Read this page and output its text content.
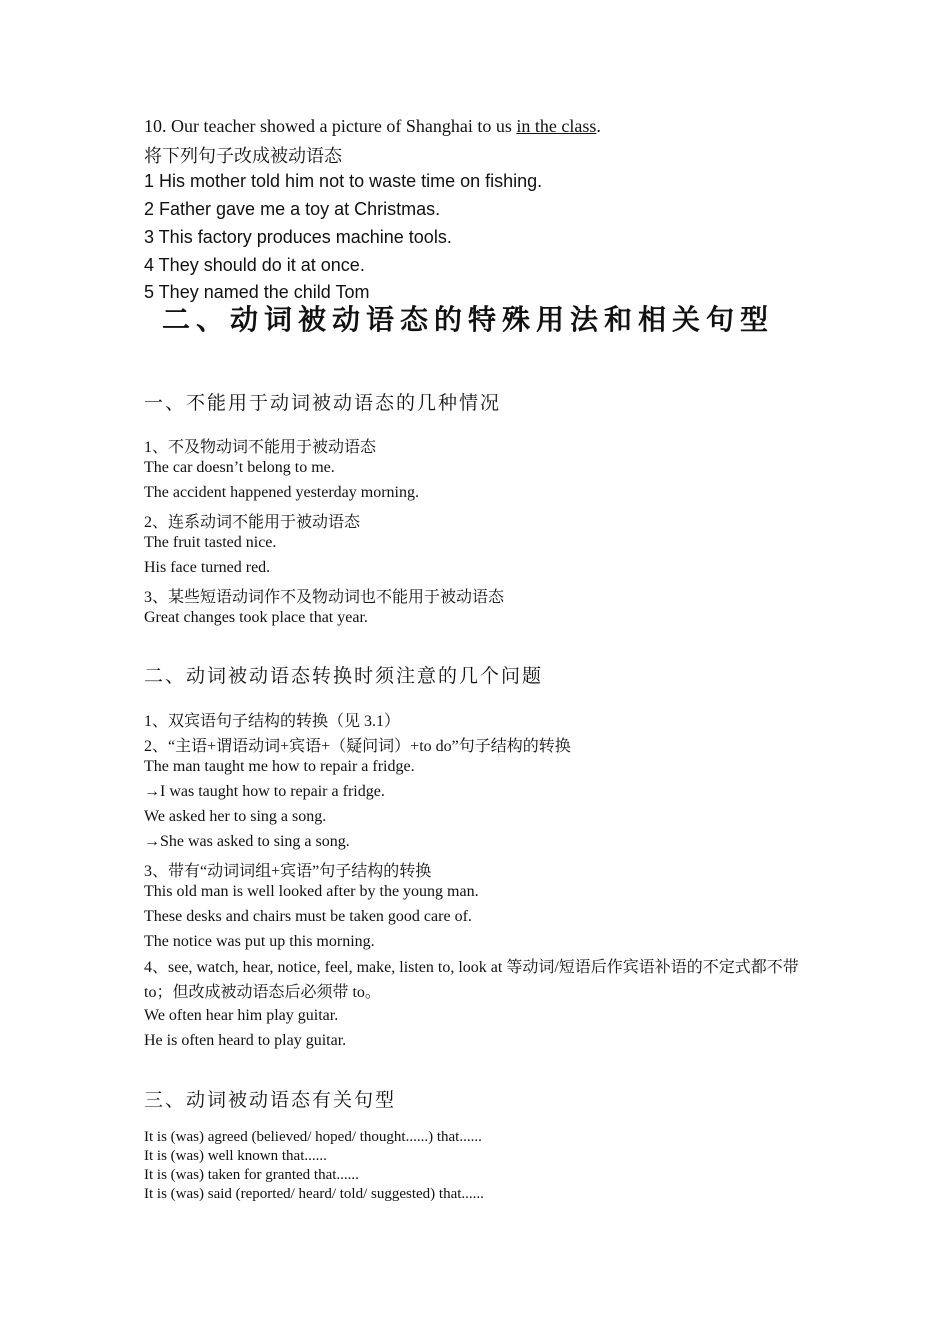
10. Our teacher showed a picture of Shanghai to us in the class.
将下列句子改成被动语态
1 His mother told him not to waste time on fishing.
2 Father gave me a toy at Christmas.
3 This factory produces machine tools.
4 They should do it at once.
5 They named the child Tom
二、动词被动语态的特殊用法和相关句型
一、不能用于动词被动语态的几种情况
1、不及物动词不能用于被动语态
The car doesn’t belong to me.
The accident happened yesterday morning.
2、连系动词不能用于被动语态
The fruit tasted nice.
His face turned red.
3、某些短语动词作不及物动词也不能用于被动语态
Great changes took place that year.
二、动词被动语态转换时须注意的几个问题
1、双宾语句子结构的转换（见 3.1）
2、“主语+谓语动词+宾语+（疑问词）+to do”句子结构的转换
The man taught me how to repair a fridge.
→I was taught how to repair a fridge.
We asked her to sing a song.
→She was asked to sing a song.
3、带有“动词词组+宾语”句子结构的转换
This old man is well looked after by the young man.
These desks and chairs must be taken good care of.
The notice was put up this morning.
4、see, watch, hear, notice, feel, make, listen to, look at 等动词/短语后作宾语补语的不定式都不带 to；但改成被动语态后必须带 to。
We often hear him play guitar.
He is often heard to play guitar.
三、动词被动语态有关句型
It is (was) agreed (believed/ hoped/ thought......) that......
It is (was) well known that......
It is (was) taken for granted that......
It is (was) said (reported/ heard/ told/ suggested) that......
